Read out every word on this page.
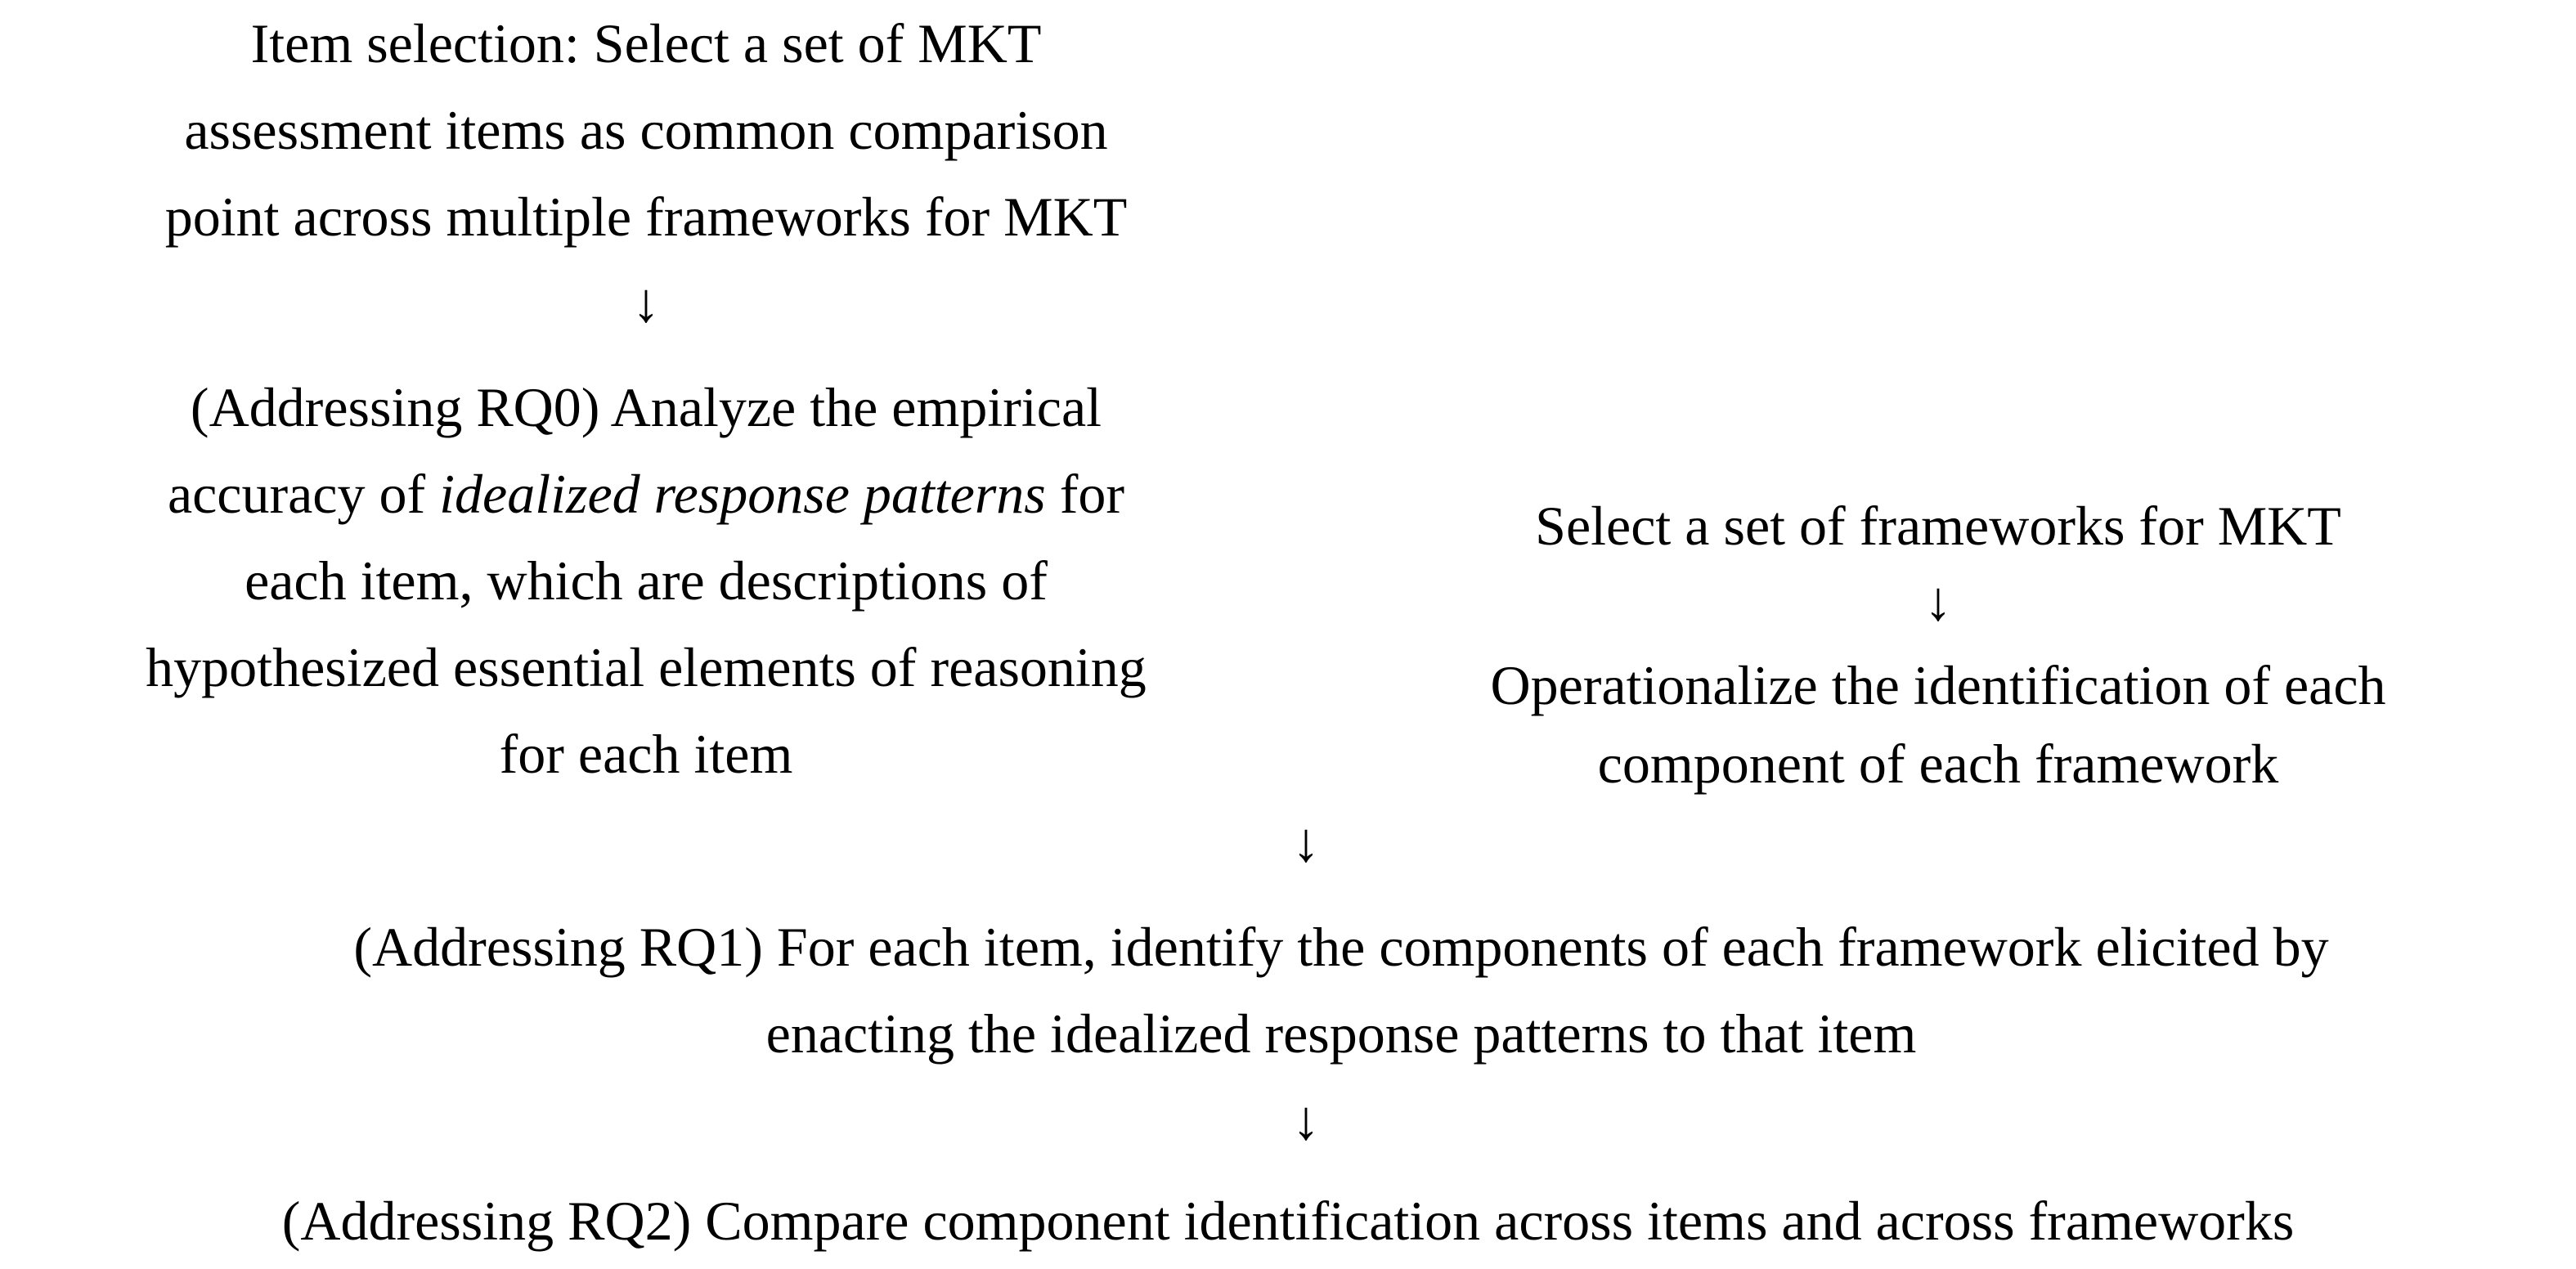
Item selection: Select a set of MKT
assessment items as common comparison
point across multiple frameworks for MKT
↓
(Addressing RQ0) Analyze the empirical
accuracy of idealized response patterns for
each item, which are descriptions of
hypothesized essential elements of reasoning
for each item
Select a set of frameworks for MKT
↓
Operationalize the identification of each
component of each framework
↓
(Addressing RQ1) For each item, identify the components of each framework elicited by
enacting the idealized response patterns to that item
↓
(Addressing RQ2) Compare component identification across items and across frameworks
